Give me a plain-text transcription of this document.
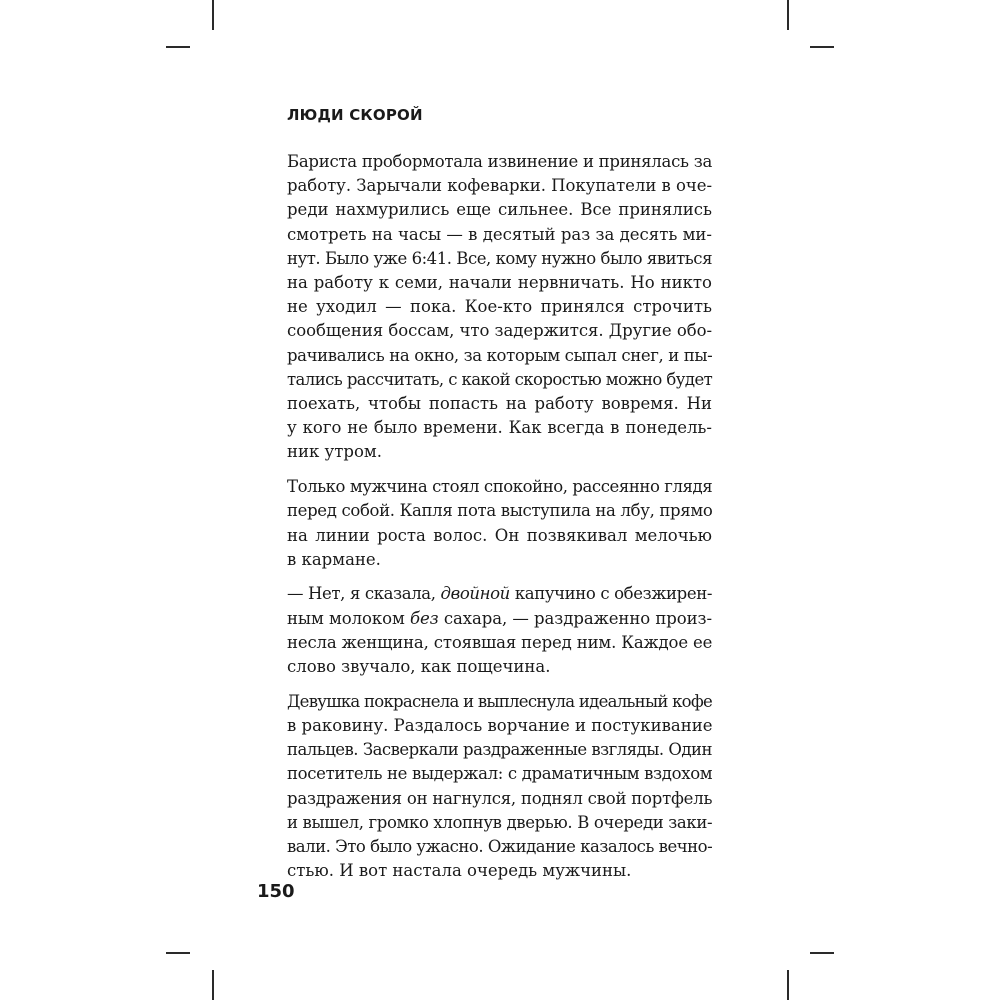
ЛЮДИ СКОРОЙ

Бариста пробормотала извинение и принялась за
работу. Зарычали кофеварки. Покупатели в оче-
реди нахмурились еще сильнее. Все принялись
смотреть на часы — в десятый раз за десять ми-
нут. Было уже 6:41. Все, кому нужно было явиться
на работу к семи, начали нервничать. Но никто
не уходил — пока. Кое-кто принялся строчить
сообщения боссам, что задержится. Другие обо-
рачивались на окно, за которым сыпал снег, и пы-
тались рассчитать, с какой скоростью можно будет
поехать, чтобы попасть на работу вовремя. Ни
у кого не было времени. Как всегда в понедель-
ник утром.

Только мужчина стоял спокойно, рассеянно глядя
перед собой. Капля пота выступила на лбу, прямо
на линии роста волос. Он позвякивал мелочью
в кармане.

— Нет, я сказала, двойной капучино с обезжирен-
ным молоком без сахара, — раздраженно произ-
несла женщина, стоявшая перед ним. Каждое ее
слово звучало, как пощечина.

Девушка покраснела и выплеснула идеальный кофе
в раковину. Раздалось ворчание и постукивание
пальцев. Засверкали раздраженные взгляды. Один
посетитель не выдержал: с драматичным вздохом
раздражения он нагнулся, поднял свой портфель
и вышел, громко хлопнув дверью. В очереди заки-
вали. Это было ужасно. Ожидание казалось вечно-
стью. И вот настала очередь мужчины.

150
